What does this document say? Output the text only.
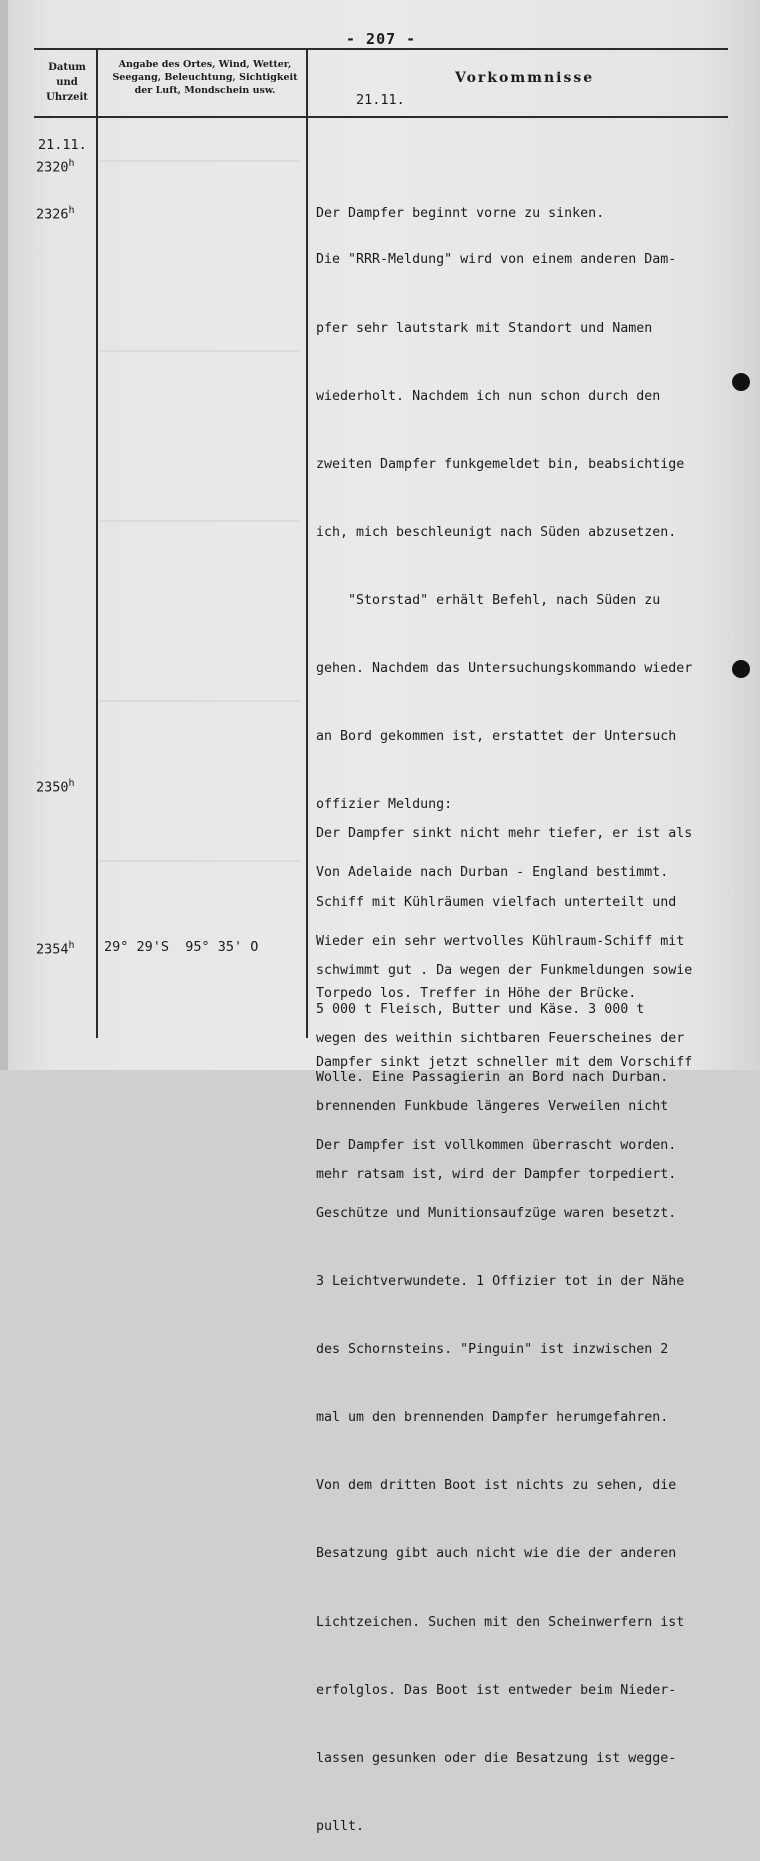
- 207 -
Datum
und
Uhrzeit
Angabe des Ortes, Wind, Wetter,
Seegang, Beleuchtung, Sichtigkeit
der Luft, Mondschein usw.
Vorkommnisse
21.11.
21.11.
2320$^h$

Der Dampfer beginnt vorne zu sinken.

2326$^h$

Die "RRR-Meldung" wird von einem anderen Dam-

pfer sehr lautstark mit Standort und Namen

wiederholt. Nachdem ich nun schon durch den

zweiten Dampfer funkgemeldet bin, beabsichtige

ich, mich beschleunigt nach Süden abzusetzen.

"Storstad" erhält Befehl, nach Süden zu

gehen. Nachdem das Untersuchungskommando wieder

an Bord gekommen ist, erstattet der Untersuch

offizier Meldung:

Von Adelaide nach Durban - England bestimmt.

Wieder ein sehr wertvolles Kühlraum-Schiff mit

5 000 t Fleisch, Butter und Käse. 3 000 t

Wolle. Eine Passagierin an Bord nach Durban.

Der Dampfer ist vollkommen überrascht worden.

Geschütze und Munitionsaufzüge waren besetzt.

3 Leichtverwundete. 1 Offizier tot in der Nähe

des Schornsteins. "Pinguin" ist inzwischen 2

mal um den brennenden Dampfer herumgefahren.

Von dem dritten Boot ist nichts zu sehen, die

Besatzung gibt auch nicht wie die der anderen

Lichtzeichen. Suchen mit den Scheinwerfern ist

erfolglos. Das Boot ist entweder beim Nieder-

lassen gesunken oder die Besatzung ist wegge-

pullt.

2350$^h$

Der Dampfer sinkt nicht mehr tiefer, er ist als

Schiff mit Kühlräumen vielfach unterteilt und

schwimmt gut . Da wegen der Funkmeldungen sowie

wegen des weithin sichtbaren Feuerscheines der

brennenden Funkbude längeres Verweilen nicht

mehr ratsam ist, wird der Dampfer torpediert.

2354$^h$ 29° 29'S  95° 35' O

Torpedo los. Treffer in Höhe der Brücke.

Dampfer sinkt jetzt schneller mit dem Vorschiff
